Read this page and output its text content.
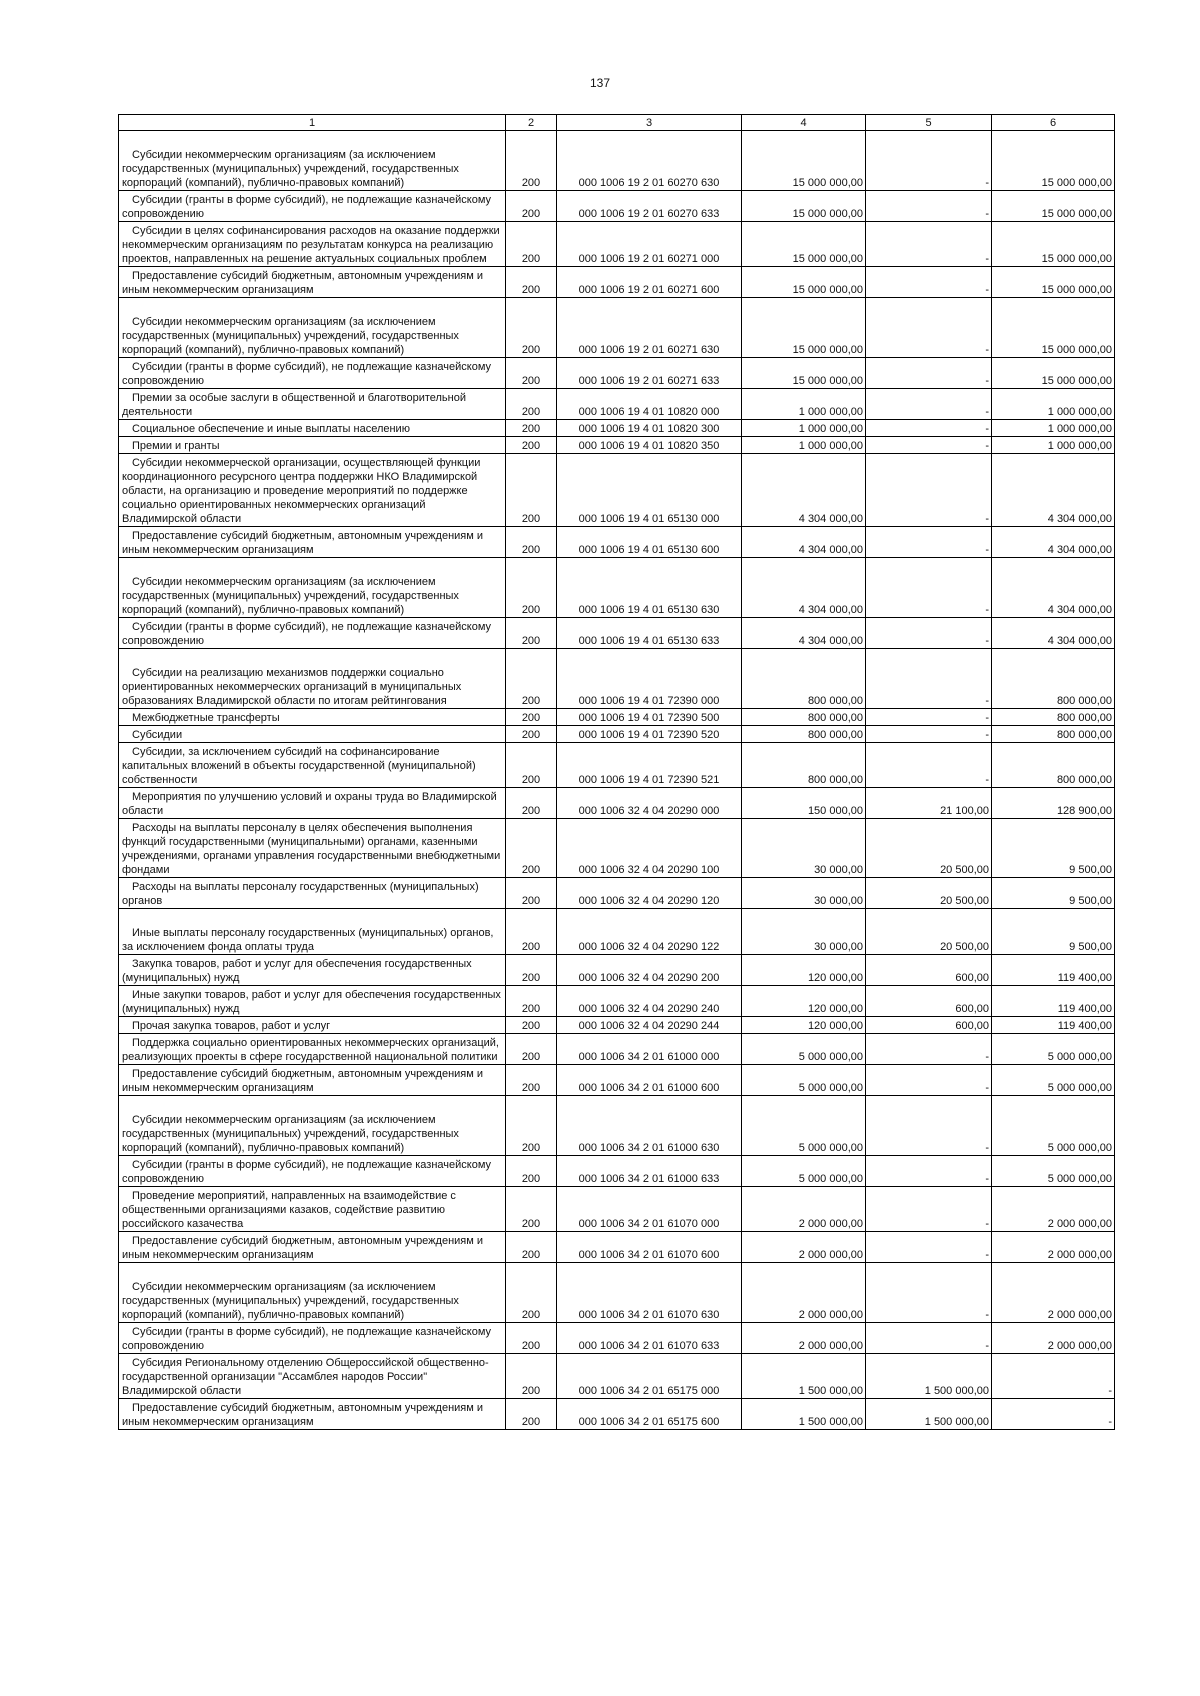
137
1	2	3	4	5	6
Субсидии некоммерческим организациям (за исключением государственных (муниципальных) учреждений, государственных корпораций (компаний), публично-правовых компаний)	200	000 1006 19 2 01 60270 630	15 000 000,00	-	15 000 000,00
Субсидии (гранты в форме субсидий), не подлежащие казначейскому сопровождению	200	000 1006 19 2 01 60270 633	15 000 000,00	-	15 000 000,00
Субсидии в целях софинансирования расходов на оказание поддержки некоммерческим организациям по результатам конкурса на реализацию проектов, направленных на решение актуальных социальных проблем	200	000 1006 19 2 01 60271 000	15 000 000,00	-	15 000 000,00
Предоставление субсидий бюджетным, автономным учреждениям и иным некоммерческим организациям	200	000 1006 19 2 01 60271 600	15 000 000,00	-	15 000 000,00
Субсидии некоммерческим организациям (за исключением государственных (муниципальных) учреждений, государственных корпораций (компаний), публично-правовых компаний)	200	000 1006 19 2 01 60271 630	15 000 000,00	-	15 000 000,00
Субсидии (гранты в форме субсидий), не подлежащие казначейскому сопровождению	200	000 1006 19 2 01 60271 633	15 000 000,00	-	15 000 000,00
Премии за особые заслуги в общественной и благотворительной деятельности	200	000 1006 19 4 01 10820 000	1 000 000,00	-	1 000 000,00
Социальное обеспечение и иные выплаты населению	200	000 1006 19 4 01 10820 300	1 000 000,00	-	1 000 000,00
Премии и гранты	200	000 1006 19 4 01 10820 350	1 000 000,00	-	1 000 000,00
Субсидии некоммерческой организации, осуществляющей функции координационного ресурсного центра поддержки НКО Владимирской области, на организацию и проведение мероприятий по поддержке социально ориентированных некоммерческих организаций Владимирской области	200	000 1006 19 4 01 65130 000	4 304 000,00	-	4 304 000,00
Предоставление субсидий бюджетным, автономным учреждениям и иным некоммерческим организациям	200	000 1006 19 4 01 65130 600	4 304 000,00	-	4 304 000,00
Субсидии некоммерческим организациям (за исключением государственных (муниципальных) учреждений, государственных корпораций (компаний), публично-правовых компаний)	200	000 1006 19 4 01 65130 630	4 304 000,00	-	4 304 000,00
Субсидии (гранты в форме субсидий), не подлежащие казначейскому сопровождению	200	000 1006 19 4 01 65130 633	4 304 000,00	-	4 304 000,00
Субсидии на реализацию механизмов поддержки социально ориентированных некоммерческих организаций в муниципальных образованиях Владимирской области по итогам рейтингования	200	000 1006 19 4 01 72390 000	800 000,00	-	800 000,00
Межбюджетные трансферты	200	000 1006 19 4 01 72390 500	800 000,00	-	800 000,00
Субсидии	200	000 1006 19 4 01 72390 520	800 000,00	-	800 000,00
Субсидии, за исключением субсидий на софинансирование капитальных вложений в объекты государственной (муниципальной) собственности	200	000 1006 19 4 01 72390 521	800 000,00	-	800 000,00
Мероприятия по улучшению условий и охраны труда во Владимирской области	200	000 1006 32 4 04 20290 000	150 000,00	21 100,00	128 900,00
Расходы на выплаты персоналу в целях обеспечения выполнения функций государственными (муниципальными) органами, казенными учреждениями, органами управления государственными внебюджетными фондами	200	000 1006 32 4 04 20290 100	30 000,00	20 500,00	9 500,00
Расходы на выплаты персоналу государственных (муниципальных) органов	200	000 1006 32 4 04 20290 120	30 000,00	20 500,00	9 500,00
Иные выплаты персоналу государственных (муниципальных) органов, за исключением фонда оплаты труда	200	000 1006 32 4 04 20290 122	30 000,00	20 500,00	9 500,00
Закупка товаров, работ и услуг для обеспечения государственных (муниципальных) нужд	200	000 1006 32 4 04 20290 200	120 000,00	600,00	119 400,00
Иные закупки товаров, работ и услуг для обеспечения государственных (муниципальных) нужд	200	000 1006 32 4 04 20290 240	120 000,00	600,00	119 400,00
Прочая закупка товаров, работ и услуг	200	000 1006 32 4 04 20290 244	120 000,00	600,00	119 400,00
Поддержка социально ориентированных некоммерческих организаций, реализующих проекты в сфере государственной национальной политики	200	000 1006 34 2 01 61000 000	5 000 000,00	-	5 000 000,00
Предоставление субсидий бюджетным, автономным учреждениям и иным некоммерческим организациям	200	000 1006 34 2 01 61000 600	5 000 000,00	-	5 000 000,00
Субсидии некоммерческим организациям (за исключением государственных (муниципальных) учреждений, государственных корпораций (компаний), публично-правовых компаний)	200	000 1006 34 2 01 61000 630	5 000 000,00	-	5 000 000,00
Субсидии (гранты в форме субсидий), не подлежащие казначейскому сопровождению	200	000 1006 34 2 01 61000 633	5 000 000,00	-	5 000 000,00
Проведение мероприятий, направленных на взаимодействие с общественными организациями казаков, содействие развитию российского казачества	200	000 1006 34 2 01 61070 000	2 000 000,00	-	2 000 000,00
Предоставление субсидий бюджетным, автономным учреждениям и иным некоммерческим организациям	200	000 1006 34 2 01 61070 600	2 000 000,00	-	2 000 000,00
Субсидии некоммерческим организациям (за исключением государственных (муниципальных) учреждений, государственных корпораций (компаний), публично-правовых компаний)	200	000 1006 34 2 01 61070 630	2 000 000,00	-	2 000 000,00
Субсидии (гранты в форме субсидий), не подлежащие казначейскому сопровождению	200	000 1006 34 2 01 61070 633	2 000 000,00	-	2 000 000,00
Субсидия Региональному отделению Общероссийской общественно-государственной организации "Ассамблея народов России" Владимирской области	200	000 1006 34 2 01 65175 000	1 500 000,00	1 500 000,00	-
Предоставление субсидий бюджетным, автономным учреждениям и иным некоммерческим организациям	200	000 1006 34 2 01 65175 600	1 500 000,00	1 500 000,00	-
